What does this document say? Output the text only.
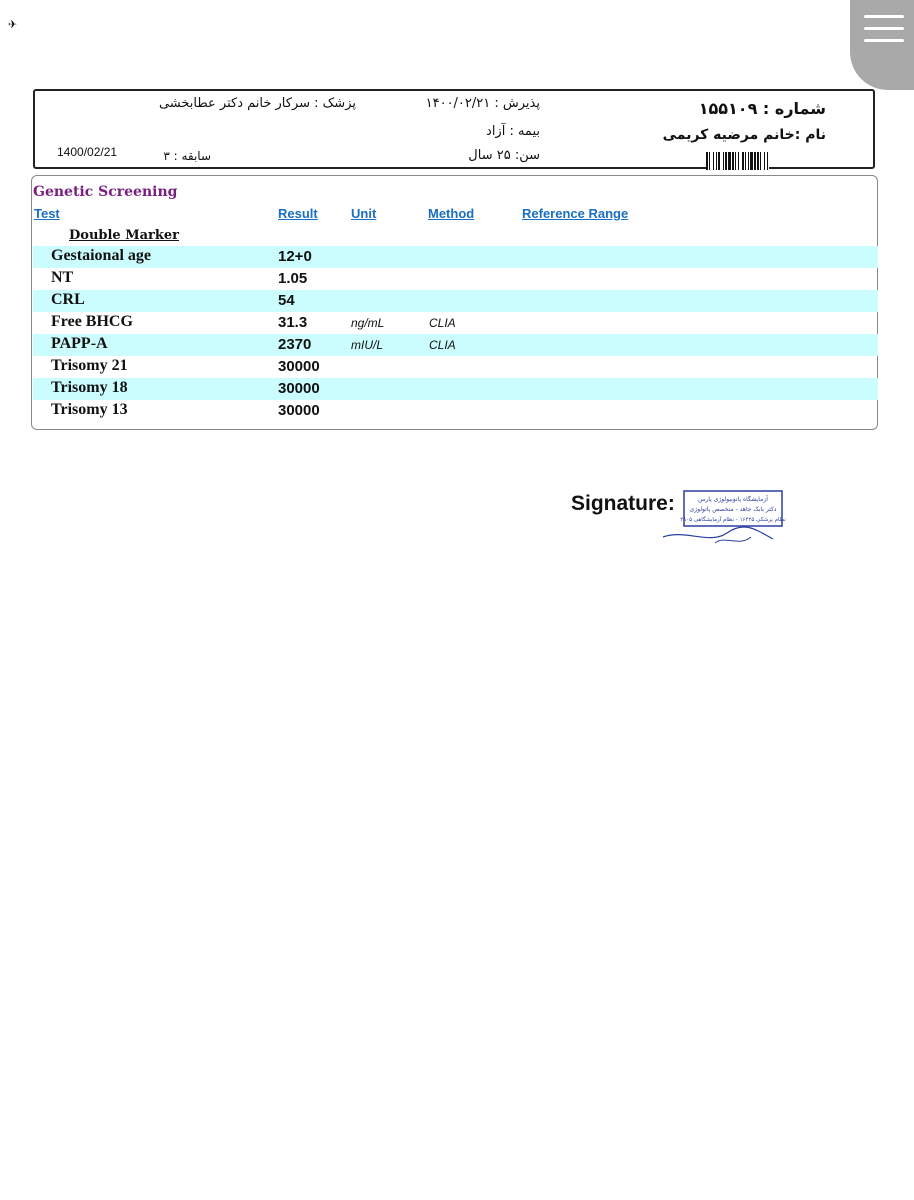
✈
پزشک : سرکار خانم دکتر عطابخشی	پذیرش : ۱۴۰۰/۰۲/۲۱	شماره : ۱۵۵۱۰۹
بیمه : آزاد	نام :خانم مرضیه کریمی
1400/02/21	سابقه : ۳	سن: ۲۵ سال
Genetic Screening
Test	Result	Unit	Method	Reference Range
Double Marker
Gestaional age	12+0
NT	1.05
CRL	54
Free BHCG	31.3	ng/mL	CLIA
PAPP-A	2370	mIU/L	CLIA
Trisomy 21	30000
Trisomy 18	30000
Trisomy 13	30000
Signature:	آزمایشگاه پاتوبیولوژی پارس
دکتر بابک جاهد - متخصص پاتولوژی
نظام پزشکی ۱۶۴۲۵ - نظام آزمایشگاهی ۲۸۰۵
